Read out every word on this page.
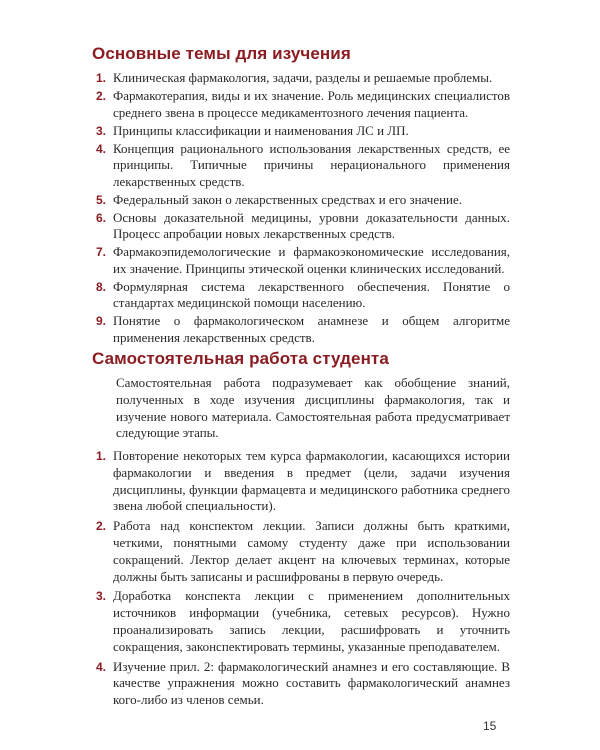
Основные темы для изучения
1. Клиническая фармакология, задачи, разделы и решаемые проблемы.
2. Фармакотерапия, виды и их значение. Роль медицинских специалистов среднего звена в процессе медикаментозного лечения пациента.
3. Принципы классификации и наименования ЛС и ЛП.
4. Концепция рационального использования лекарственных средств, ее принципы. Типичные причины нерационального применения лекарственных средств.
5. Федеральный закон о лекарственных средствах и его значение.
6. Основы доказательной медицины, уровни доказательности данных. Процесс апробации новых лекарственных средств.
7. Фармакоэпидемологические и фармакоэкономические исследования, их значение. Принципы этической оценки клинических исследований.
8. Формулярная система лекарственного обеспечения. Понятие о стандартах медицинской помощи населению.
9. Понятие о фармакологическом анамнезе и общем алгоритме применения лекарственных средств.
Самостоятельная работа студента

Самостоятельная работа подразумевает как обобщение знаний, полученных в ходе изучения дисциплины фармакология, так и изучение нового материала. Самостоятельная работа предусматривает следующие этапы.

1. Повторение некоторых тем курса фармакологии, касающихся истории фармакологии и введения в предмет (цели, задачи изучения дисциплины, функции фармацевта и медицинского работника среднего звена любой специальности).
2. Работа над конспектом лекции. Записи должны быть краткими, четкими, понятными самому студенту даже при использовании сокращений. Лектор делает акцент на ключевых терминах, которые должны быть записаны и расшифрованы в первую очередь.
3. Доработка конспекта лекции с применением дополнительных источников информации (учебника, сетевых ресурсов). Нужно проанализировать запись лекции, расшифровать и уточнить сокращения, законспектировать термины, указанные преподавателем.
4. Изучение прил. 2: фармакологический анамнез и его составляющие. В качестве упражнения можно составить фармакологический анамнез кого-либо из членов семьи.
15
